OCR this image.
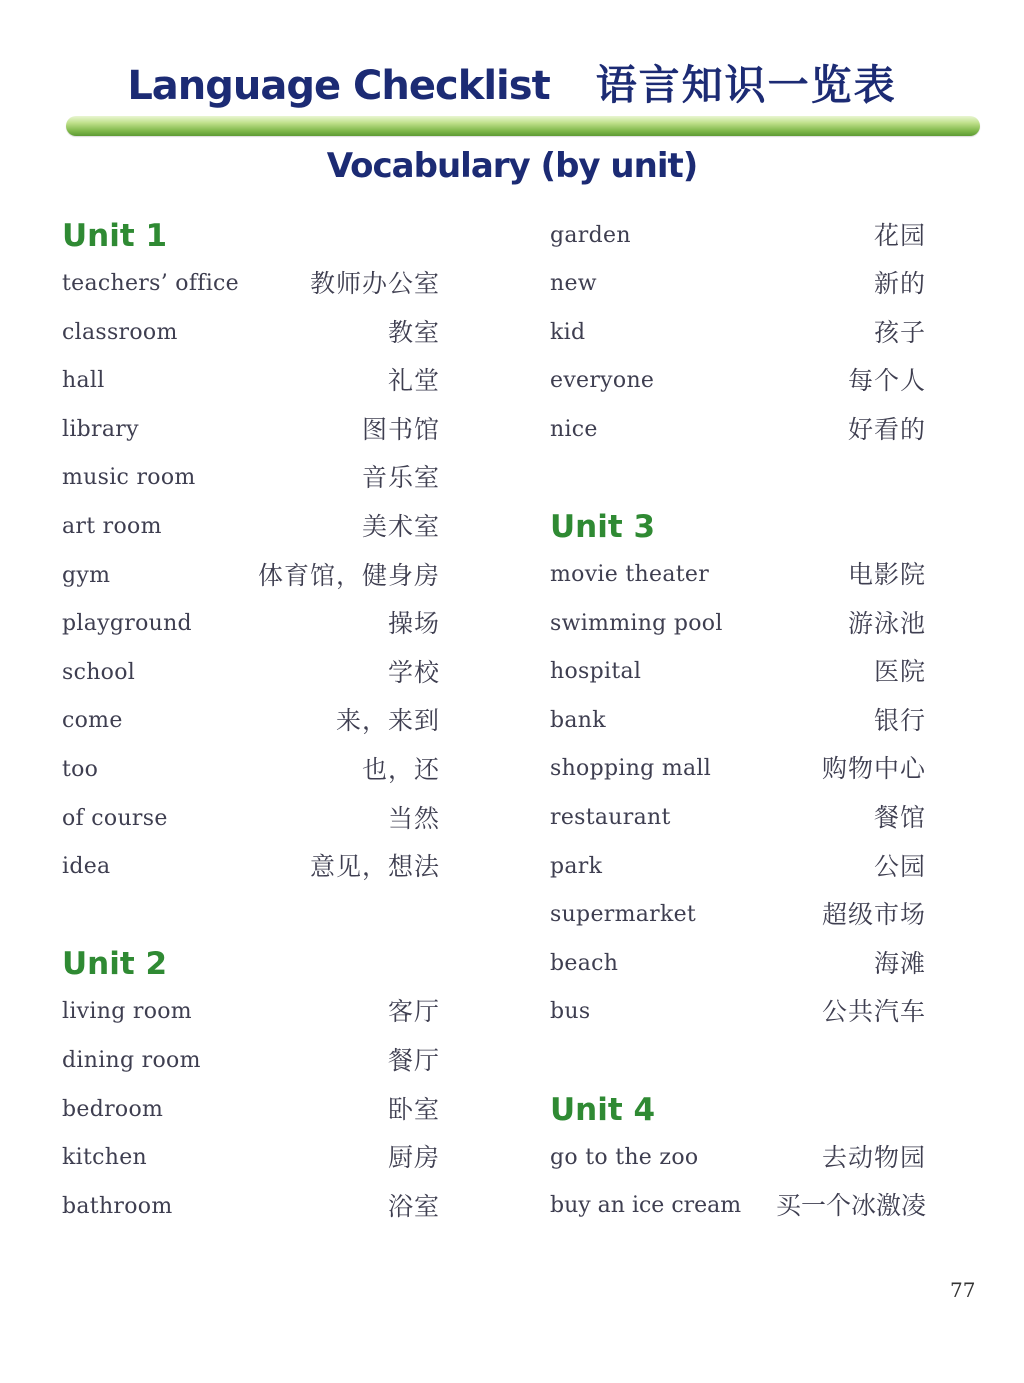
Language Checklist 语言知识一览表
Vocabulary (by unit)
Unit 1
teachers’ office	教师办公室
classroom	教室
hall	礼堂
library	图书馆
music room	音乐室
art room	美术室
gym	体育馆，健身房
playground	操场
school	学校
come	来，来到
too	也，还
of course	当然
idea	意见，想法
Unit 2
living room	客厅
dining room	餐厅
bedroom	卧室
kitchen	厨房
bathroom	浴室
garden	花园
new	新的
kid	孩子
everyone	每个人
nice	好看的
Unit 3
movie theater	电影院
swimming pool	游泳池
hospital	医院
bank	银行
shopping mall	购物中心
restaurant	餐馆
park	公园
supermarket	超级市场
beach	海滩
bus	公共汽车
Unit 4
go to the zoo	去动物园
buy an ice cream 买一个冰激凌
77
